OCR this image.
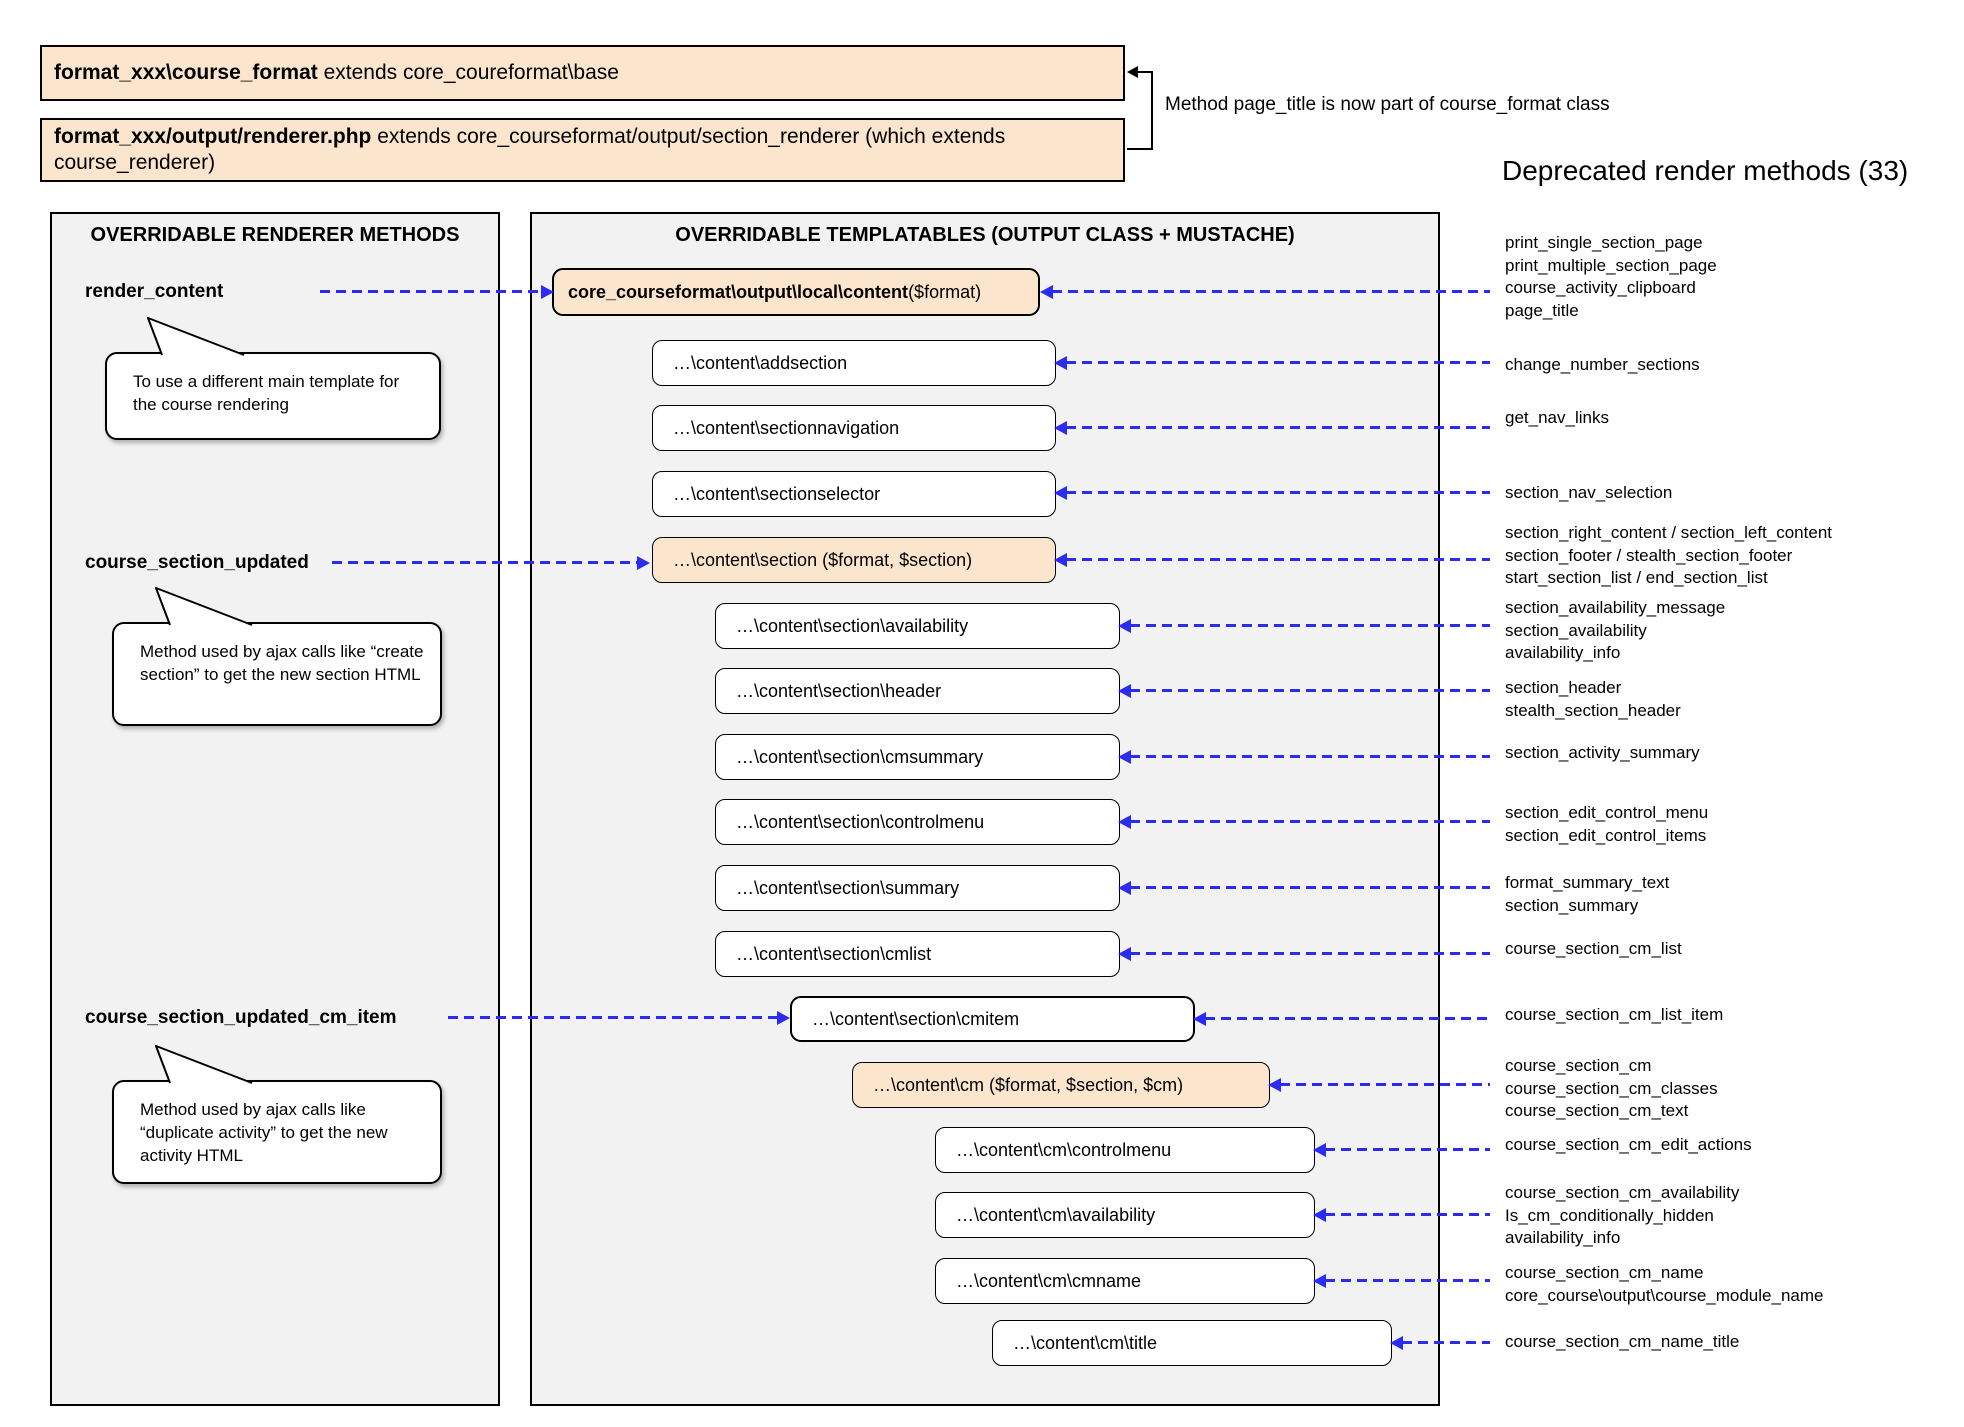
format_xxx\course_format extends core_coureformat\base
format_xxx/output/renderer.php extends core_courseformat/output/section_renderer (which extends
course_renderer)
Method page_title is now part of course_format class
Deprecated render methods (33)
OVERRIDABLE RENDERER METHODS	OVERRIDABLE TEMPLATABLES (OUTPUT CLASS + MUSTACHE)
render_content
course_section_updated
course_section_updated_cm_item
To use a different main template for the course rendering
Method used by ajax calls like “create section” to get the new section HTML
Method used by ajax calls like “duplicate activity” to get the new activity HTML
core_courseformat\output\local\content ($format)
…\content\addsection
…\content\sectionnavigation
…\content\sectionselector
…\content\section ($format, $section)
…\content\section\availability
…\content\section\header
…\content\section\cmsummary
…\content\section\controlmenu
…\content\section\summary
…\content\section\cmlist
…\content\section\cmitem
…\content\cm ($format, $section, $cm)
…\content\cm\controlmenu
…\content\cm\availability
…\content\cm\cmname
…\content\cm\title
print_single_section_page
print_multiple_section_page
course_activity_clipboard
page_title
change_number_sections
get_nav_links
section_nav_selection
section_right_content / section_left_content
section_footer / stealth_section_footer
start_section_list / end_section_list
section_availability_message
section_availability
availability_info
section_header
stealth_section_header
section_activity_summary
section_edit_control_menu
section_edit_control_items
format_summary_text
section_summary
course_section_cm_list
course_section_cm_list_item
course_section_cm
course_section_cm_classes
course_section_cm_text
course_section_cm_edit_actions
course_section_cm_availability
Is_cm_conditionally_hidden
availability_info
course_section_cm_name
core_course\output\course_module_name
course_section_cm_name_title
